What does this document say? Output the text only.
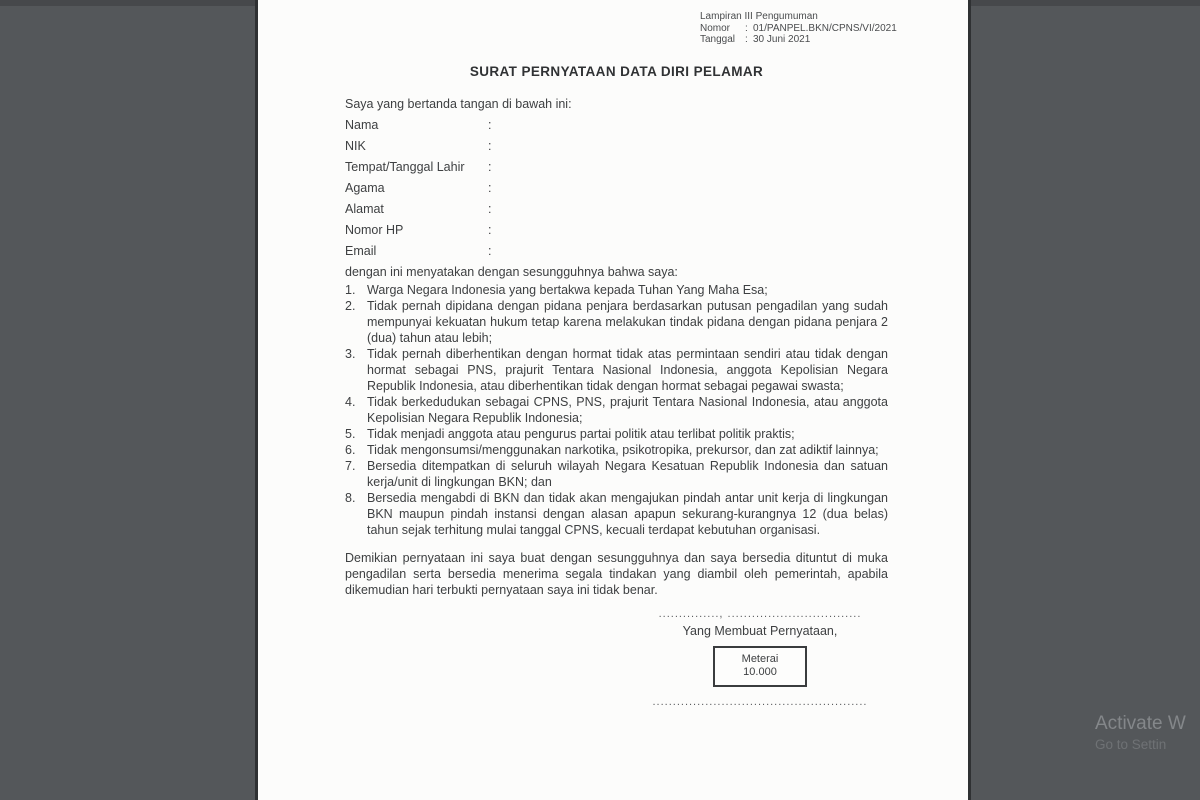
Lampiran III Pengumuman
Nomor : 01/PANPEL.BKN/CPNS/VI/2021
Tanggal : 30 Juni 2021
SURAT PERNYATAAN DATA DIRI PELAMAR

Saya yang bertanda tangan di bawah ini:

Nama	:
NIK	:
Tempat/Tanggal Lahir :
Agama	:
Alamat	:
Nomor HP	:
Email	:

dengan ini menyatakan dengan sesungguhnya bahwa saya:

1. Warga Negara Indonesia yang bertakwa kepada Tuhan Yang Maha Esa;
2. Tidak pernah dipidana dengan pidana penjara berdasarkan putusan pengadilan yang sudah mempunyai kekuatan hukum tetap karena melakukan tindak pidana dengan pidana penjara 2 (dua) tahun atau lebih;
3. Tidak pernah diberhentikan dengan hormat tidak atas permintaan sendiri atau tidak dengan hormat sebagai PNS, prajurit Tentara Nasional Indonesia, anggota Kepolisian Negara Republik Indonesia, atau diberhentikan tidak dengan hormat sebagai pegawai swasta;
4. Tidak berkedudukan sebagai CPNS, PNS, prajurit Tentara Nasional Indonesia, atau anggota Kepolisian Negara Republik Indonesia;
5. Tidak menjadi anggota atau pengurus partai politik atau terlibat politik praktis;
6. Tidak mengonsumsi/menggunakan narkotika, psikotropika, prekursor, dan zat adiktif lainnya;
7. Bersedia ditempatkan di seluruh wilayah Negara Kesatuan Republik Indonesia dan satuan kerja/unit di lingkungan BKN; dan
8. Bersedia mengabdi di BKN dan tidak akan mengajukan pindah antar unit kerja di lingkungan BKN maupun pindah instansi dengan alasan apapun sekurang-kurangnya 12 (dua belas) tahun sejak terhitung mulai tanggal CPNS, kecuali terdapat kebutuhan organisasi.

Demikian pernyataan ini saya buat dengan sesungguhnya dan saya bersedia dituntut di muka pengadilan serta bersedia menerima segala tindakan yang diambil oleh pemerintah, apabila dikemudian hari terbukti pernyataan saya ini tidak benar.

..............., .................................
Yang Membuat Pernyataan,
Meterai
10.000
.....................................................
Activate W
Go to Settin
